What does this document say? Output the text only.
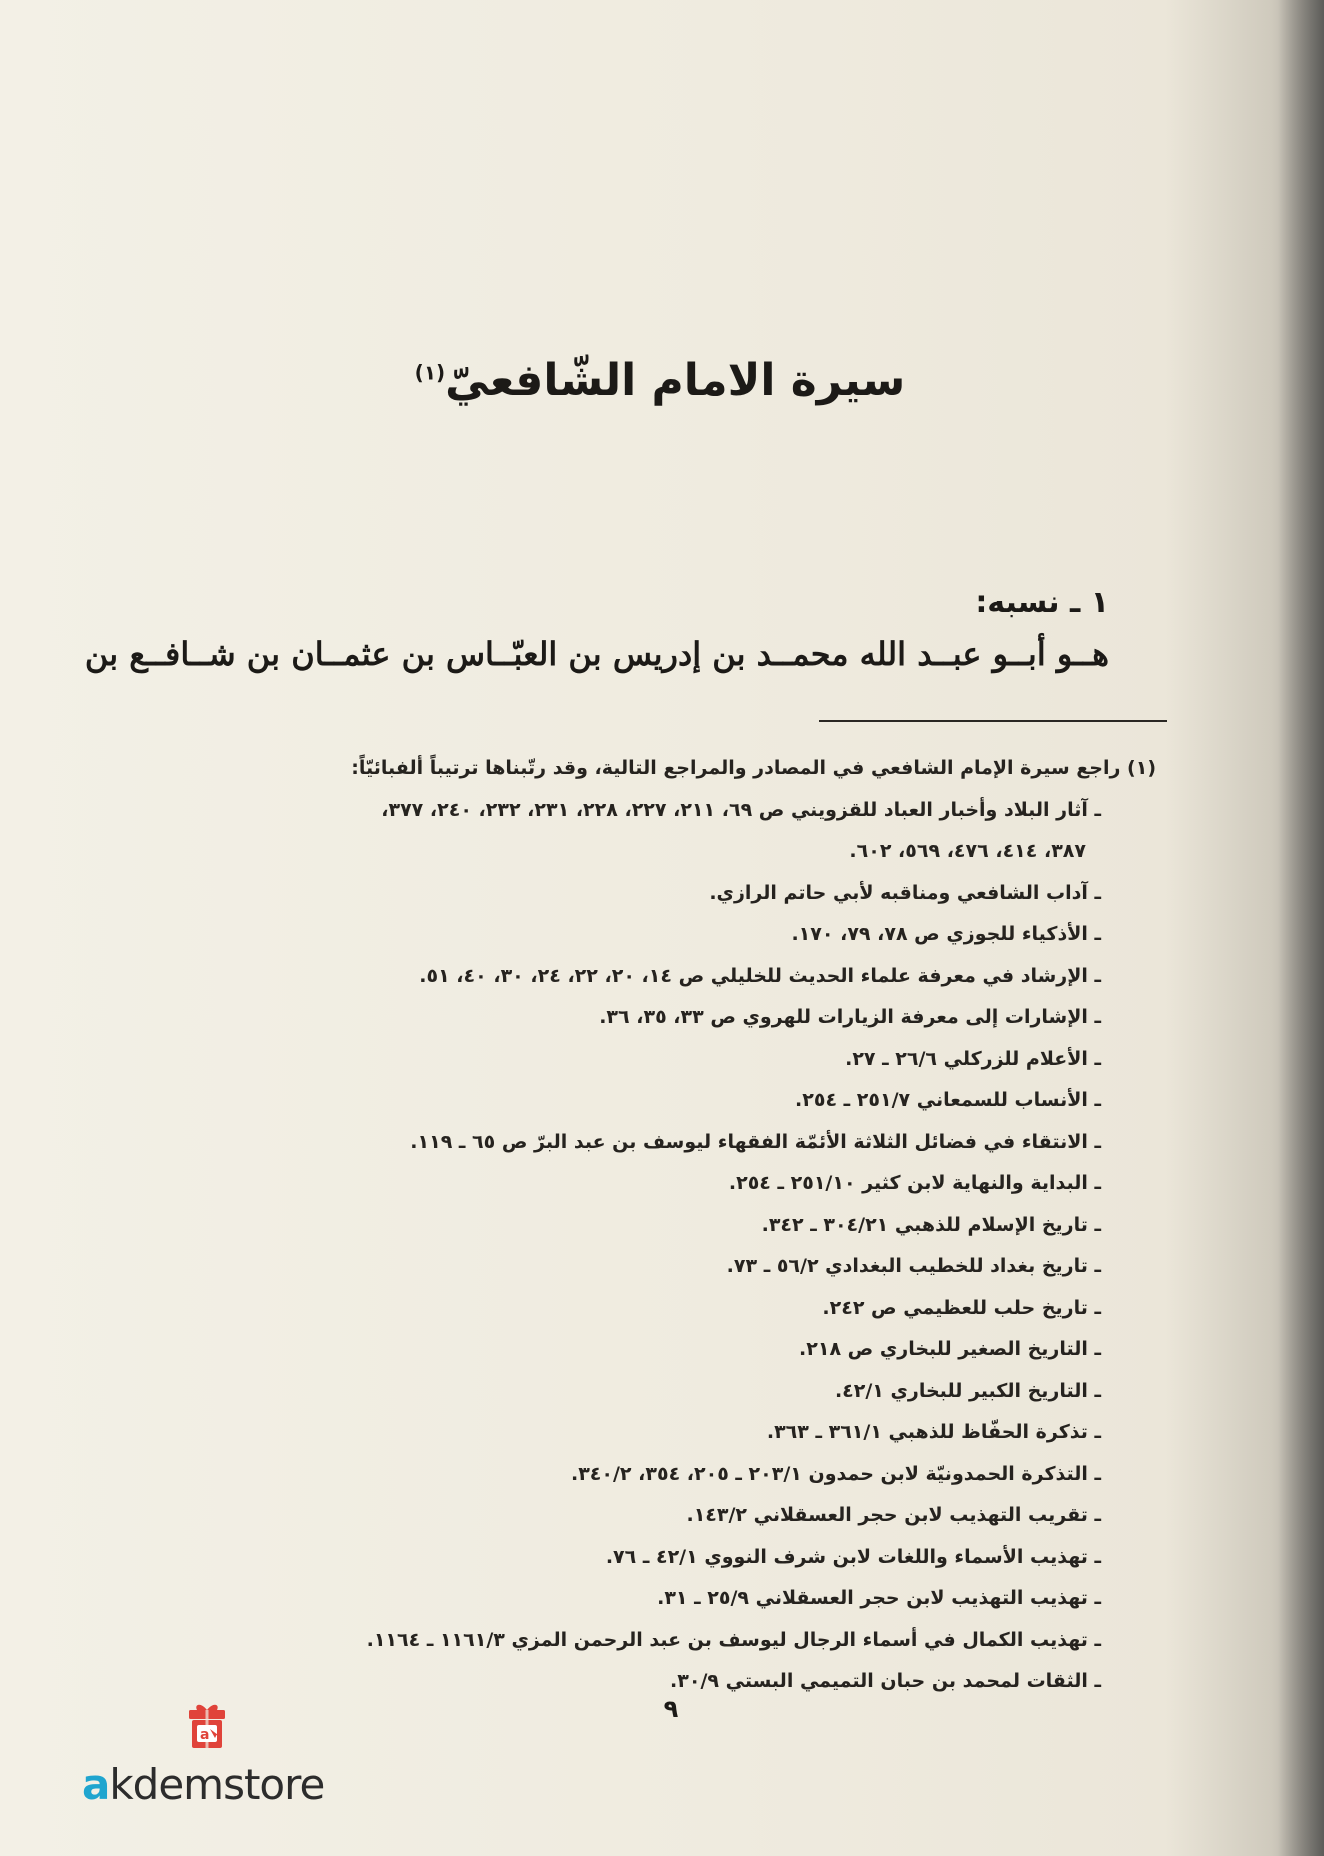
سيرة الامام الشّافعيّ$^{(١)}$
١ ـ نسبه:
هــو أبــو عبــد الله محمــد بن إدريس بن العبّــاس بن عثمــان بن شــافــع بن
(١) راجع سيرة الإمام الشافعي في المصادر والمراجع التالية، وقد رتّبناها ترتيباً ألفبائيّاً:
ـ آثار البلاد وأخبار العباد للقزويني ص ٦٩، ٢١١، ٢٢٧، ٢٢٨، ٢٣١، ٢٣٢، ٢٤٠، ٣٧٧،
٣٨٧، ٤١٤، ٤٧٦، ٥٦٩، ٦٠٢.
ـ آداب الشافعي ومناقبه لأبي حاتم الرازي.
ـ الأذكياء للجوزي ص ٧٨، ٧٩، ١٧٠.
ـ الإرشاد في معرفة علماء الحديث للخليلي ص ١٤، ٢٠، ٢٢، ٢٤، ٣٠، ٤٠، ٥١.
ـ الإشارات إلى معرفة الزيارات للهروي ص ٣٣، ٣٥، ٣٦.
ـ الأعلام للزركلي ٢٦/٦ ـ ٢٧.
ـ الأنساب للسمعاني ٢٥١/٧ ـ ٢٥٤.
ـ الانتقاء في فضائل الثلاثة الأئمّة الفقهاء ليوسف بن عبد البرّ ص ٦٥ ـ ١١٩.
ـ البداية والنهاية لابن كثير ٢٥١/١٠ ـ ٢٥٤.
ـ تاريخ الإسلام للذهبي ٣٠٤/٢١ ـ ٣٤٢.
ـ تاريخ بغداد للخطيب البغدادي ٥٦/٢ ـ ٧٣.
ـ تاريخ حلب للعظيمي ص ٢٤٢.
ـ التاريخ الصغير للبخاري ص ٢١٨.
ـ التاريخ الكبير للبخاري ٤٢/١.
ـ تذكرة الحفّاظ للذهبي ٣٦١/١ ـ ٣٦٣.
ـ التذكرة الحمدونيّة لابن حمدون ٢٠٣/١ ـ ٢٠٥، ٣٥٤، ٣٤٠/٢.
ـ تقريب التهذيب لابن حجر العسقلاني ١٤٣/٢.
ـ تهذيب الأسماء واللغات لابن شرف النووي ٤٢/١ ـ ٧٦.
ـ تهذيب التهذيب لابن حجر العسقلاني ٢٥/٩ ـ ٣١.
ـ تهذيب الكمال في أسماء الرجال ليوسف بن عبد الرحمن المزي ١١٦١/٣ ـ ١١٦٤.
ـ الثقات لمحمد بن حبان التميمي البستي ٣٠/٩.
٩
a
akdemstore
